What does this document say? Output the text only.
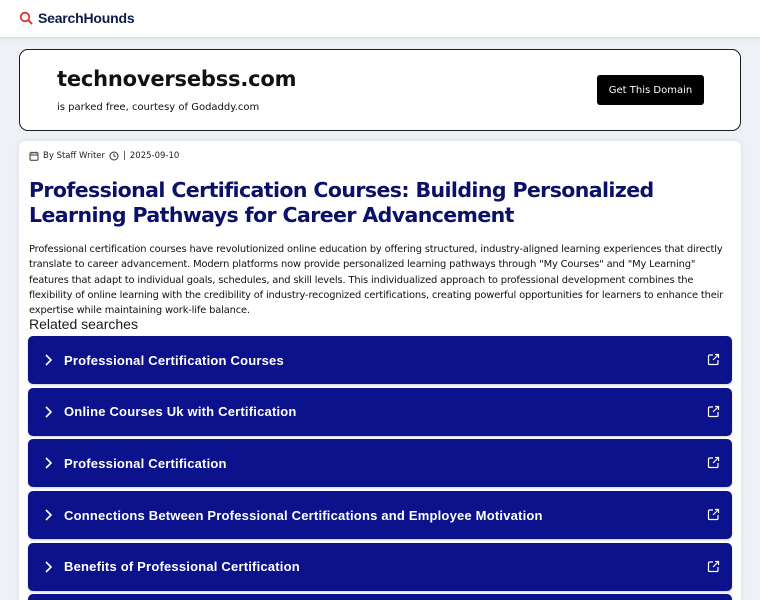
SearchHounds
technoversebss.com
is parked free, courtesy of Godaddy.com
Get This Domain
By Staff Writer | 2025-09-10
Professional Certification Courses: Building Personalized Learning Pathways for Career Advancement

Professional certification courses have revolutionized online education by offering structured, industry-aligned learning experiences that directly translate to career advancement. Modern platforms now provide personalized learning pathways through "My Courses" and "My Learning" features that adapt to individual goals, schedules, and skill levels. This individualized approach to professional development combines the flexibility of online learning with the credibility of industry-recognized certifications, creating powerful opportunities for learners to enhance their expertise while maintaining work-life balance.

Related searches
Professional Certification Courses
Online Courses Uk with Certification
Professional Certification
Connections Between Professional Certifications and Employee Motivation
Benefits of Professional Certification
